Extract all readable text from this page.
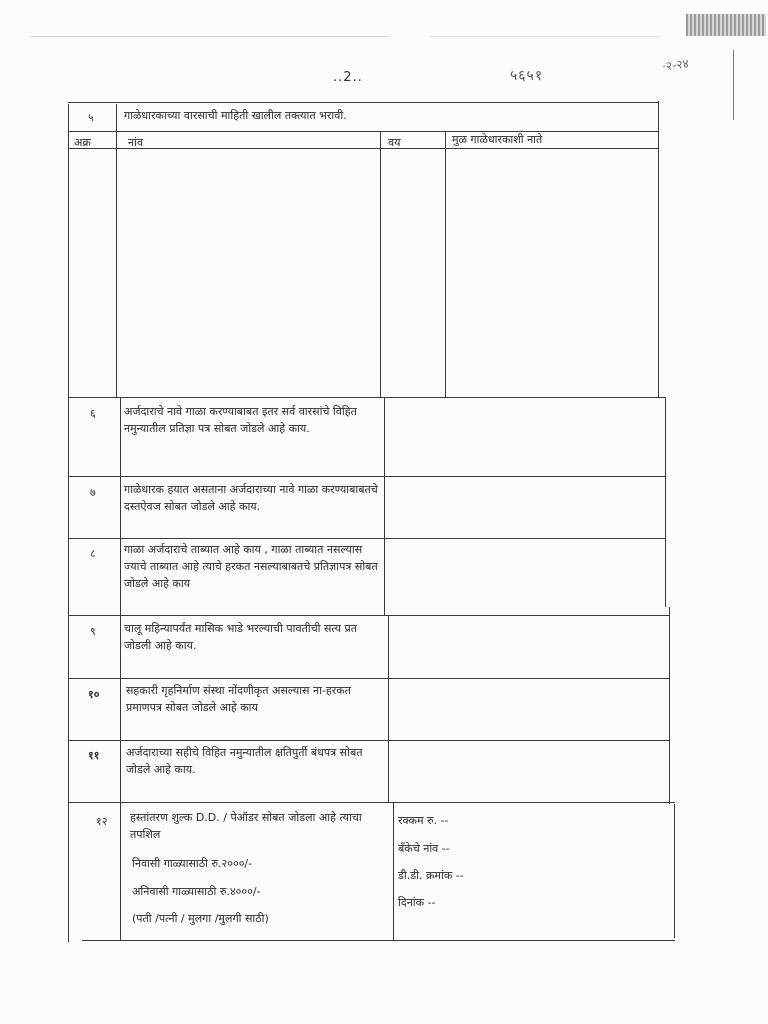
·२-२४
..2..	५६५१
५	गाळेधारकाच्या वारसाची माहिती खालील तक्त्यात भरावी.
अक्र	नांव	वय	मुळ गाळेधारकाशी नाते
६	अर्जदाराचे नावे गाळा करण्याबाबत इतर सर्व वारसांचे विहित नमुन्यातील प्रतिज्ञा पत्र सोबत जोडले आहे काय.
७	गाळेधारक हयात असताना अर्जदाराच्या नावे गाळा करण्याबाबतचे दस्तऐवज सोबत जोडले आहे काय.
८	गाळा अर्जदाराचे ताब्यात आहे काय , गाळा ताब्यात नसल्यास ज्याचे ताब्यात आहे त्याचे हरकत नसल्याबाबतचे प्रतिज्ञापत्र सोबत जोडले आहे काय
९	चालू महिन्यापर्यंत मासिक भाडे भरल्याची पावतीची सत्य प्रत जोडली आहे काय.
१० सहकारी गृहनिर्माण संस्था नोंदणीकृत असल्यास ना-हरकत प्रमाणपत्र सोबत जोडले आहे काय
११ अर्जदाराच्या सहीचे विहित नमुन्यातील क्षतिपुर्ती बंधपत्र सोबत जोडले आहे काय.
१२ हस्तांतरण शुल्क D.D. / पेऑडर सोबत जोडला आहे त्याचा तपशिल
निवासी गाळ्यासाठी रु.२०००/-
अनिवासी गाळ्यासाठी रु.४०००/-
(पती /पत्नी / मुलगा /मुलगी साठी)
रक्कम रु. --
बँकेचे नांव --
डी.डी. क्रमांक --
दिनांक --
